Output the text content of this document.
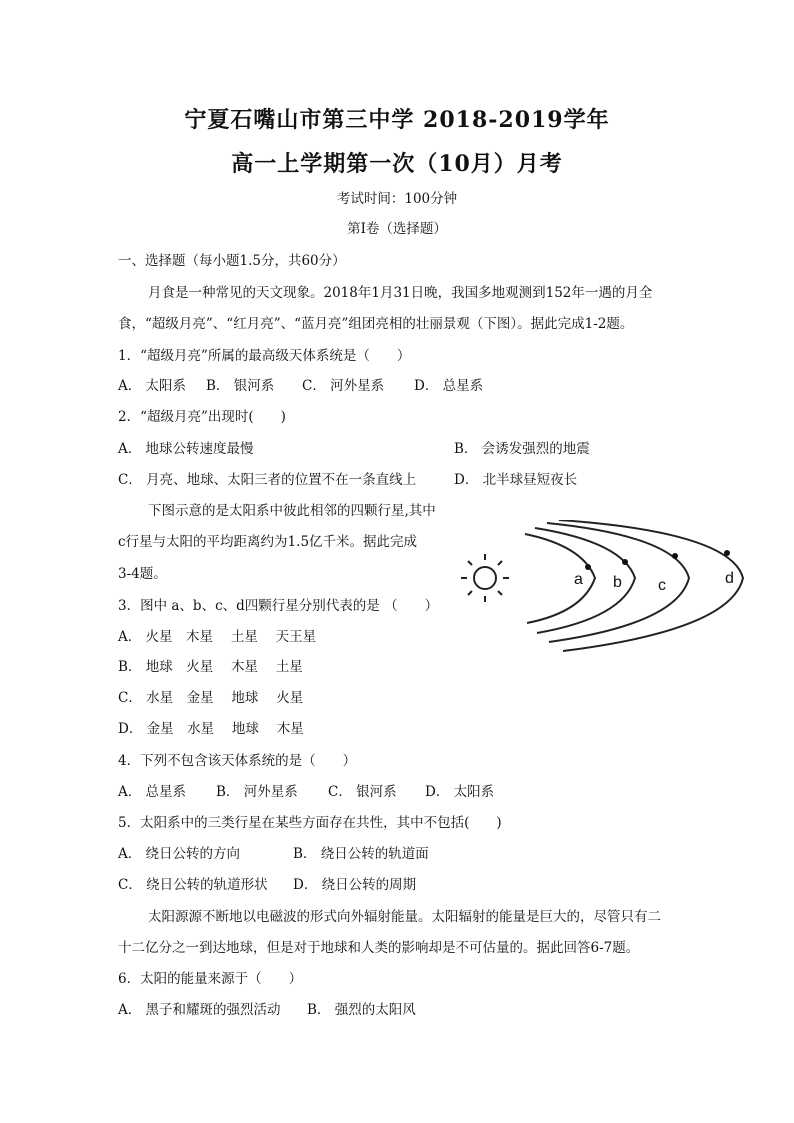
宁夏石嘴山市第三中学 2018-2019学年
高一上学期第一次（10月）月考
考试时间：100分钟
第Ⅰ卷（选择题）
一、选择题（每小题1.5分，共60分）
月食是一种常见的天文现象。2018年1月31日晚，我国多地观测到152年一遇的月全
食，“超级月亮”、“红月亮”、“蓝月亮”组团亮相的壮丽景观（下图）。据此完成1-2题。
1．“超级月亮”所属的最高级天体系统是（　　）
A． 太阳系 B． 银河系 C． 河外星系 D． 总星系
2．“超级月亮”出现时(　　)
A． 地球公转速度最慢	B． 会诱发强烈的地震
C． 月亮、地球、太阳三者的位置不在一条直线上	D． 北半球昼短夜长
下图示意的是太阳系中彼此相邻的四颗行星,其中
c行星与太阳的平均距离约为1.5亿千米。据此完成
3-4题。	a b c	d
3．图中 a、b、c、d四颗行星分别代表的是 （　　）
A． 火星　木星　 土星　 天王星
B． 地球　火星　 木星　 土星
C． 水星　金星　 地球　 火星
D． 金星　水星　 地球　 木星
4．下列不包含该天体系统的是（　　）
A． 总星系 B． 河外星系 C． 银河系 D． 太阳系
5．太阳系中的三类行星在某些方面存在共性，其中不包括(　　)
A． 绕日公转的方向	B． 绕日公转的轨道面
C． 绕日公转的轨道形状 D． 绕日公转的周期
太阳源源不断地以电磁波的形式向外辐射能量。太阳辐射的能量是巨大的，尽管只有二
十二亿分之一到达地球，但是对于地球和人类的影响却是不可估量的。据此回答6-7题。
6．太阳的能量来源于（　　）
A． 黑子和耀斑的强烈活动 B． 强烈的太阳风
